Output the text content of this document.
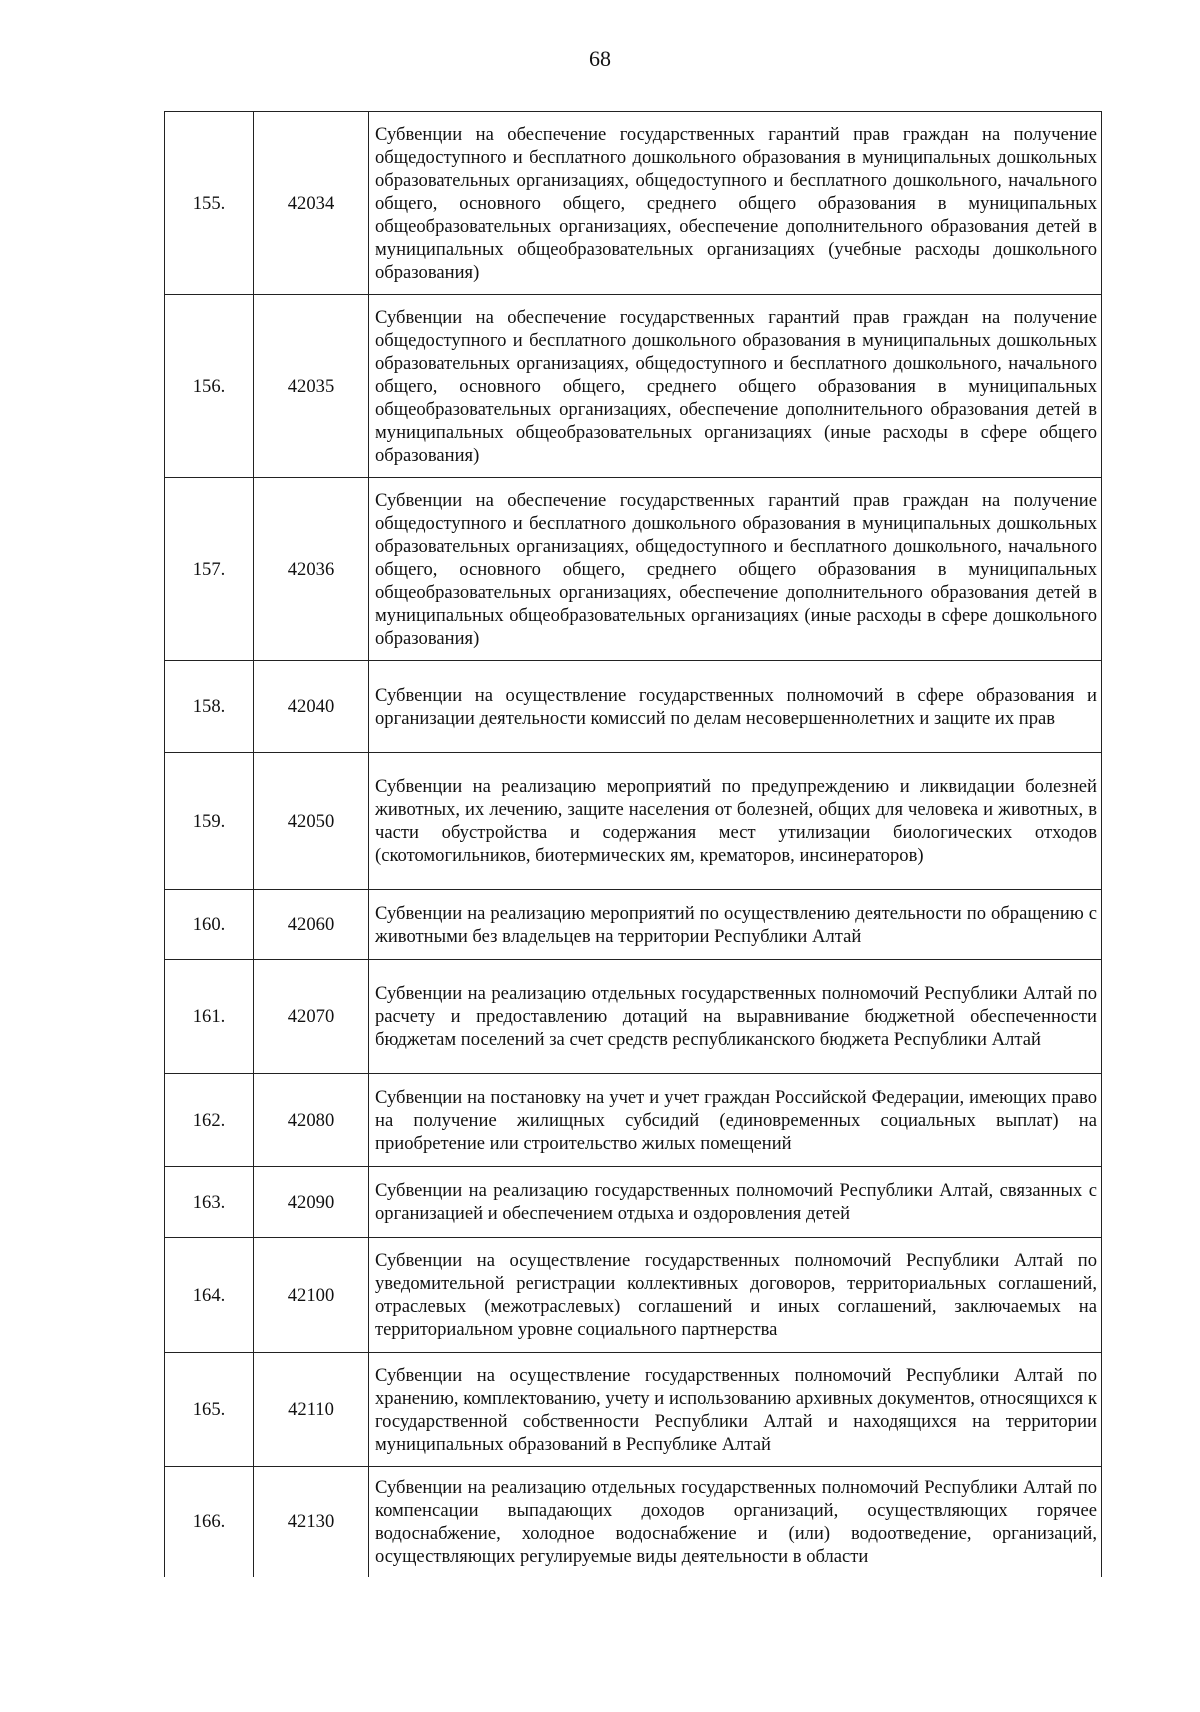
68
155.	42034	Субвенции на обеспечение государственных гарантий прав граждан на получение общедоступного и бесплатного дошкольного образования в муниципальных дошкольных образовательных организациях, общедоступного и бесплатного дошкольного, начального общего, основного общего, среднего общего образования в муниципальных общеобразовательных организациях, обеспечение дополнительного образования детей в муниципальных общеобразовательных организациях (учебные расходы дошкольного образования)
156.	42035	Субвенции на обеспечение государственных гарантий прав граждан на получение общедоступного и бесплатного дошкольного образования в муниципальных дошкольных образовательных организациях, общедоступного и бесплатного дошкольного, начального общего, основного общего, среднего общего образования в муниципальных общеобразовательных организациях, обеспечение дополнительного образования детей в муниципальных общеобразовательных организациях (иные расходы в сфере общего образования)
157.	42036	Субвенции на обеспечение государственных гарантий прав граждан на получение общедоступного и бесплатного дошкольного образования в муниципальных дошкольных образовательных организациях, общедоступного и бесплатного дошкольного, начального общего, основного общего, среднего общего образования в муниципальных общеобразовательных организациях, обеспечение дополнительного образования детей в муниципальных общеобразовательных организациях (иные расходы в сфере дошкольного образования)
158.	42040	Субвенции на осуществление государственных полномочий в сфере образования и организации деятельности комиссий по делам несовершеннолетних и защите их прав
159.	42050	Субвенции на реализацию мероприятий по предупреждению и ликвидации болезней животных, их лечению, защите населения от болезней, общих для человека и животных, в части обустройства и содержания мест утилизации биологических отходов (скотомогильников, биотермических ям, крематоров, инсинераторов)
160.	42060	Субвенции на реализацию мероприятий по осуществлению деятельности по обращению с животными без владельцев на территории Республики Алтай
161.	42070	Субвенции на реализацию отдельных государственных полномочий Республики Алтай по расчету и предоставлению дотаций на выравнивание бюджетной обеспеченности бюджетам поселений за счет средств республиканского бюджета Республики Алтай
162.	42080	Субвенции на постановку на учет и учет граждан Российской Федерации, имеющих право на получение жилищных субсидий (единовременных социальных выплат) на приобретение или строительство жилых помещений
163.	42090	Субвенции на реализацию государственных полномочий Республики Алтай, связанных с организацией и обеспечением отдыха и оздоровления детей
164.	42100	Субвенции на осуществление государственных полномочий Республики Алтай по уведомительной регистрации коллективных договоров, территориальных соглашений, отраслевых (межотраслевых) соглашений и иных соглашений, заключаемых на территориальном уровне социального партнерства
165.	42110	Субвенции на осуществление государственных полномочий Республики Алтай по хранению, комплектованию, учету и использованию архивных документов, относящихся к государственной собственности Республики Алтай и находящихся на территории муниципальных образований в Республике Алтай
166.	42130	Субвенции на реализацию отдельных государственных полномочий Республики Алтай по компенсации выпадающих доходов организаций, осуществляющих горячее водоснабжение, холодное водоснабжение и (или) водоотведение, организаций, осуществляющих регулируемые виды деятельности в области
